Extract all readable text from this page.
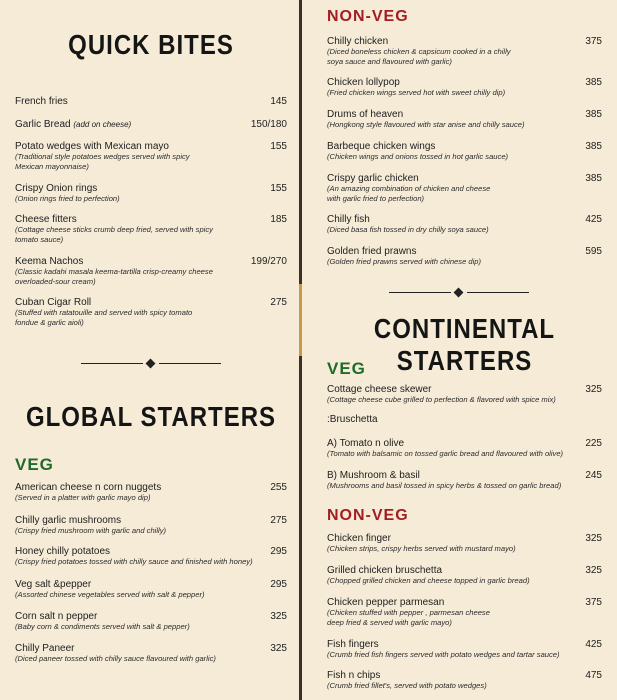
QUICK BITES
French fries	145
Garlic Bread (add on cheese)	150/180
Potato wedges with Mexican mayo
(Traditional style potatoes wedges served with spicy Mexican mayonnaise)
155
Crispy Onion rings
(Onion rings fried to perfection)
155
Cheese fitters
(Cottage cheese sticks crumb deep fried, served with spicy tomato sauce)
185
Keema Nachos
(Classic kadahi masala keema-tartilla crisp-creamy cheese overloaded-sour cream)
199/270
Cuban Cigar Roll
(Stuffed with ratatouille and served with spicy tomato fondue & garlic aioli)
275
GLOBAL STARTERS
VEG
American cheese n corn nuggets
(Served in a platter with garlic mayo dip)
255
Chilly garlic mushrooms
(Crispy fried mushroom with garlic and chilly)
275
Honey chilly potatoes
(Crispy fried potatoes tossed with chilly sauce and finished with honey)
295
Veg salt &pepper
(Assorted chinese vegetables served with salt & pepper)
295
Corn salt n pepper
(Baby corn & condiments served with salt & pepper)
325
Chilly Paneer
(Diced paneer tossed with chilly sauce flavoured with garlic)
325
NON-VEG
Chilly chicken
(Diced boneless chicken & capsicum cooked in a chilly soya sauce and flavoured with garlic)
375
Chicken lollypop
(Fried chicken wings served hot with sweet chilly dip)
385
Drums of heaven
(Hongkong style flavoured with star anise and chilly sauce)
385
Barbeque chicken wings
(Chicken wings and onions tossed in hot garlic sauce)
385
Crispy garlic chicken
(An amazing combination of chicken and cheese with garlic fried to perfection)
385
Chilly fish
(Diced basa fish tossed in dry chilly soya sauce)
425
Golden fried prawns
(Golden fried prawns served with chinese dip)
595
CONTINENTAL STARTERS
VEG
Cottage cheese skewer
(Cottage cheese cube grilled to perfection & flavored with spice mix)
325
:Bruschetta
A) Tomato n olive
(Tomato with balsamic on tossed garlic bread and flavoured with olive)
225
B) Mushroom & basil
(Mushrooms and basil tossed in spicy herbs & tossed on garlic bread)
245
NON-VEG
Chicken finger
(Chicken strips, crispy herbs served with mustard mayo)
325
Grilled chicken bruschetta
(Chopped grilled chicken and cheese topped in garlic bread)
325
Chicken pepper parmesan
(Chicken stuffed with pepper , parmesan cheese deep fried & served with garlic mayo)
375
Fish fingers
(Crumb fried fish fingers served with potato wedges and tartar sauce)
425
Fish n chips
(Crumb fried fillet's, served with potato wedges)
475
